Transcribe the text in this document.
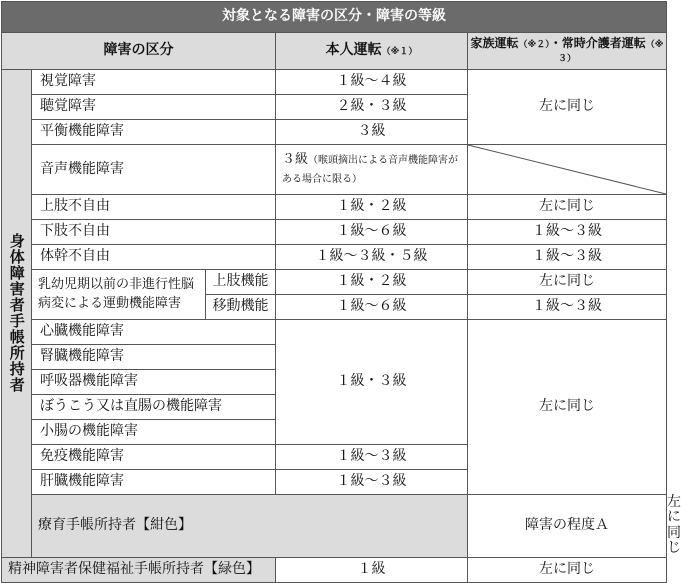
対象となる障害の区分・障害の等級					
障害の区分			本人運転（※１）	家族運転（※２）・常時介護者運転（※３）	

身体障害者手帳所持者	視覚障害		１級～４級	左に同じ	
	聴覚障害		２級・３級		
	平衡機能障害		３級		
	音声機能障害		３級（喉頭摘出による音声機能障害がある場合に限る）	

	上肢不自由		１級・２級	左に同じ	
	下肢不自由		１級～６級	１級～３級	
	体幹不自由		１級～３級・５級	１級～３級	
	乳幼児期以前の非進行性脳病変による運動機能障害	上肢機能	１級・２級	左に同じ	
		移動機能	１級～６級	１級～３級	
	心臓機能障害		１級・３級	左に同じ	
	腎臓機能障害				
	呼吸器機能障害				
	ぼうこう又は直腸の機能障害				
	小腸の機能障害				
	免疫機能障害		１級～３級		
	肝臓機能障害		１級～３級		
	療育手帳所持者【紺色】			障害の程度Ａ	左に同じ
精神障害者保健福祉手帳所持者【緑色】			１級	左に同じ	
